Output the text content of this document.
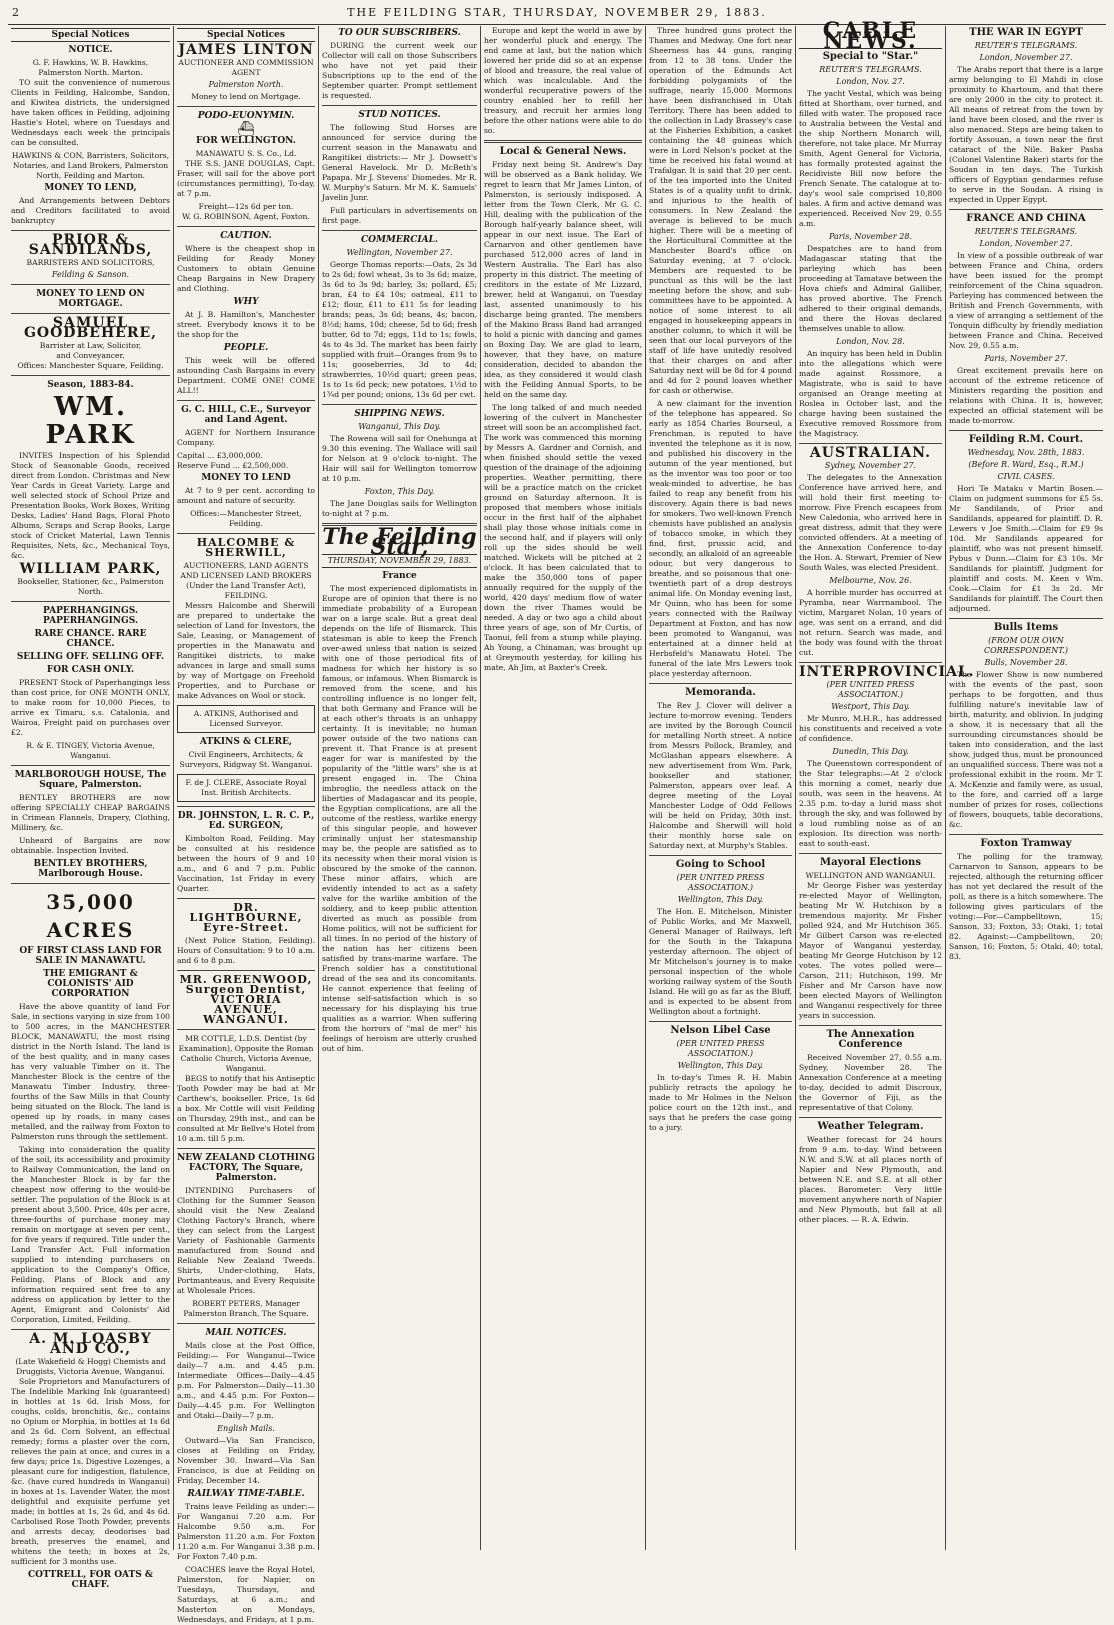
2	THE FEILDING STAR, THURSDAY, NOVEMBER 29, 1883.
Special Notices
NOTICE.
G. F. Hawkins, W. B. Hawkins, Palmerston North. Marton.

TO suit the convenience of numerous Clients in Feilding, Halcombe, Sandon, and Kiwitea districts, the undersigned have taken offices in Feilding, adjoining Hastie's Hotel, where on Tuesdays and Wednesdays each week the principals can be consulted.

HAWKINS & CON, Barristers, Solicitors, Notaries, and Land Brokers, Palmerston North, Feilding and Marton.
MONEY TO LEND,

And Arrangements between Debtors and Creditors facilitated to avoid bankruptcy

PRIOR & SANDILANDS,
BARRISTERS AND SOLICITORS,
Feilding & Sanson.
MONEY TO LEND ON MORTGAGE.
SAMUEL GOODBEHERE,
Barrister at Law, Solicitor,
and Conveyancer,
Offices: Manchester Square, Feilding.
Season, 1883-84.
WM. PARK

INVITES Inspection of his Splendid Stock of Seasonable Goods, received direct from London. Christmas and New Year Cards in Great Variety. Large and well selected stock of School Prize and Presentation Books, Work Boxes, Writing Desks, Ladies' Hand Bags, Floral Photo Albums, Scraps and Scrap Books, Large stock of Cricket Material, Lawn Tennis Requisites, Nets, &c., Mechanical Toys, &c.

WILLIAM PARK,
Bookseller, Stationer, &c., Palmerston North.
PAPERHANGINGS. PAPERHANGINGS.
RARE CHANCE. RARE CHANCE.
SELLING OFF. SELLING OFF.
FOR CASH ONLY.

PRESENT Stock of Paperhangings less than cost price, for ONE MONTH ONLY, to make room for 10,000 Pieces, to arrive ex Timaru, s.s. Catalonia, and Wairoa, Freight paid on purchases over £2.

R. & E. TINGEY, Victoria Avenue, Wanganui.
MARLBOROUGH HOUSE, The Square, Palmerston.

BENTLEY BROTHERS are now offering SPECIALLY CHEAP BARGAINS in Crimean Flannels, Drapery, Clothing, Millinery, &c.

Unheard of Bargains are now obtainable. Inspection Invited.

BENTLEY BROTHERS, Marlborough House.
35,000 ACRES
OF FIRST CLASS LAND FOR SALE IN MANAWATU.
THE EMIGRANT & COLONISTS' AID CORPORATION

Have the above quantity of land For Sale, in sections varying in size from 100 to 500 acres, in the MANCHESTER BLOCK, MANAWATU, the most rising district in the North Island. The land is of the best quality, and in many cases has very valuable Timber on it. The Manchester Block is the centre of the Manawatu Timber Industry, three-fourths of the Saw Mills in that County being situated on the Block. The land is opened up by roads, in many cases metalled, and the railway from Foxton to Palmerston runs through the settlement.

Taking into consideration the quality of the soil, its accessibility and proximity to Railway Communication, the land on the Manchester Block is by far the cheapest now offering to the would-be settler. The population of the Block is at present about 3,500. Price, 40s per acre, three-fourths of purchase money may remain on mortgage at seven per cent., for five years if required. Title under the Land Transfer Act. Full information supplied to intending purchasers on application to the Company's Office, Feilding. Plans of Block and any information required sent free to any address on application by letter to the Agent, Emigrant and Colonists' Aid Corporation, Limited, Feilding.

A. M. LOASBY AND CO.,
(Late Wakefield & Hogg) Chemists and Druggists, Victoria Avenue, Wanganui.

Sole Proprietors and Manufacturers of The Indelible Marking Ink (guaranteed) in bottles at 1s 6d. Irish Moss, for coughs, colds, bronchitis, &c., contains no Opium or Morphia, in bottles at 1s 6d and 2s 6d. Corn Solvent, an effectual remedy; forms a plaster over the corn, relieves the pain at once, and cures in a few days; price 1s. Digestive Lozenges, a pleasant cure for indigestion, flatulence, &c. (have cured hundreds in Wanganui) in boxes at 1s. Lavender Water, the most delightful and exquisite perfume yet made; in bottles at 1s, 2s 6d, and 4s 6d. Carbolised Rose Tooth Powder, prevents and arrests decay, deodorises bad breath, preserves the enamel, and whitens the teeth; in boxes at 2s, sufficient for 3 months use.

COTTRELL, FOR OATS & CHAFF.
Special Notices
JAMES LINTON
AUCTIONEER AND COMMISSION AGENT
Palmerston North.
Money to lend on Mortgage.
PODO-EUONYMIN.
⛴
FOR WELLINGTON.
MANAWATU S. S. Co., Ld.

THE S.S. JANE DOUGLAS, Capt. Fraser, will sail for the above port (circumstances permitting), To-day, at 7 p.m.

Freight—12s 6d per ton.
W. G. ROBINSON, Agent, Foxton.
CAUTION.

Where is the cheapest shop in Feilding for Ready Money Customers to obtain Genuine Cheap Bargains in New Drapery and Clothing.

WHY

At J. B. Hamilton's, Manchester street. Everybody knows it to be the shop for the

PEOPLE.

This week will be offered astounding Cash Bargains in every Department. COME ONE! COME ALL!!

G. C. HILL, C.E., Surveyor and Land Agent.

AGENT for Northern Insurance Company.

Capital ... £3,000,000.
Reserve Fund ... £2,500,000.
MONEY TO LEND

At 7 to 9 per cent. according to amount and nature of security.

Offices:—Manchester Street, Feilding.
HALCOMBE & SHERWILL,
AUCTIONEERS, LAND AGENTS AND LICENSED LAND BROKERS (Under the Land Transfer Act), FEILDING.

Messrs Halcombe and Sherwill are prepared to undertake the selection of Land for Investors, the Sale, Leasing, or Management of properties in the Manawatu and Rangitikei districts, to make advances in large and small sums by way of Mortgage on Freehold Properties, and to Purchase or make Advances on Wool or stock.

A. ATKINS, Authorised and Licensed Surveyor.
ATKINS & CLERE,
Civil Engineers, Architects, & Surveyors, Ridgway St. Wanganui.
F. de J. CLERE, Associate Royal Inst. British Architects.
DR. JOHNSTON, L. R. C. P., Ed. SURGEON,

Kimbolton Road, Feilding. May be consulted at his residence between the hours of 9 and 10 a.m., and 6 and 7 p.m. Public Vaccination, 1st Friday in every Quarter.

DR. LIGHTBOURNE, Eyre-Street.

(Next Police Station, Feilding). Hours of Consultation: 9 to 10 a.m. and 6 to 8 p.m.

MR. GREENWOOD, Surgeon Dentist, VICTORIA AVENUE, WANGANUI.
MR COTTLE, L.D.S. Dentist (by Examination), Opposite the Roman Catholic Church, Victoria Avenue, Wanganui.

BEGS to notify that his Antiseptic Tooth Powder may be had at Mr Carthew's, bookseller. Price, 1s 6d a box. Mr Cottle will visit Feilding on Thursday, 29th inst., and can be consulted at Mr Bellve's Hotel from 10 a.m. till 5 p.m.

NEW ZEALAND CLOTHING FACTORY, The Square, Palmerston.

INTENDING Purchasers of Clothing for the Summer Season should visit the New Zealand Clothing Factory's Branch, where they can select from the Largest Variety of Fashionable Garments manufactured from Sound and Reliable New Zealand Tweeds. Shirts, Under-clothing, Hats, Portmanteaus, and Every Requisite at Wholesale Prices.

ROBERT PETERS, Manager Palmerston Branch, The Square.
MAIL NOTICES.

Mails close at the Post Office, Feilding:— For Wanganui—Twice daily—7 a.m. and 4.45 p.m. Intermediate Offices—Daily—4.45 p.m. For Palmerston—Daily—11.30 a.m., and 4.45 p.m. For Foxton—Daily—4.45 p.m. For Wellington and Otaki—Daily—7 p.m.

English Mails.

Outward—Via San Francisco, closes at Feilding on Friday, November 30. Inward—Via San Francisco, is due at Feilding on Friday, December 14.

RAILWAY TIME-TABLE.

Trains leave Feilding as under:— For Wanganui 7.20 a.m. For Halcombe 9.50 a.m. For Palmerston 11.20 a.m. For Foxton 11.20 a.m. For Wanganui 3.38 p.m. For Foxton 7.40 p.m.

COACHES leave the Royal Hotel, Palmerston, for Napier, on Tuesdays, Thursdays, and Saturdays, at 6 a.m.; and Masterton on Mondays, Wednesdays, and Fridays, at 1 p.m.

TO OUR SUBSCRIBERS.

DURING the current week our Collector will call on those Subscribers who have not yet paid their Subscriptions up to the end of the September quarter. Prompt settlement is requested.

STUD NOTICES.

The following Stud Horses are announced for service during the current season in the Manawatu and Rangitikei districts:— Mr J. Dowsett's General Havelock. Mr D. McBeth's Papapa. Mr J. Stevens' Diomedes. Mr R. W. Murphy's Saturn. Mr M. K. Samuels' Javelin Junr.

Full particulars in advertisements on first page.

COMMERCIAL.
Wellington, November 27.

George Thomas reports:—Oats, 2s 3d to 2s 6d; fowl wheat, 3s to 3s 6d; maize, 3s 6d to 3s 9d; barley, 3s; pollard, £5; bran, £4 to £4 10s; oatmeal, £11 to £12; flour, £11 to £11 5s for leading brands; peas, 3s 6d; beans, 4s; bacon, 8½d; hams, 10d; cheese, 5d to 6d; fresh butter, 6d to 7d; eggs, 11d to 1s; fowls, 4s to 4s 3d. The market has been fairly supplied with fruit—Oranges from 9s to 11s; gooseberries, 3d to 4d; strawberries, 10½d quart; green peas, 1s to 1s 6d peck; new potatoes, 1½d to 1¾d per pound; onions, 13s 6d per cwt.

SHIPPING NEWS.
Wanganui, This Day.

The Rowena will sail for Onehunga at 9.30 this evening. The Wallace will sail for Nelson at 9 o'clock to-night. The Hair will sail for Wellington tomorrow at 10 p.m.

Foxton, This Day.

The Jane Douglas sails for Wellington to-night at 7 p.m.

The Feilding Star,
THURSDAY, NOVEMBER 29, 1883.
France

The most experienced diplomatists in Europe are of opinion that there is no immediate probability of a European war on a large scale. But a great deal depends on the life of Bismarck. This statesman is able to keep the French over-awed unless that nation is seized with one of those periodical fits of madness for which her history is so famous, or infamous. When Bismarck is removed from the scene, and his controlling influence is no longer felt, that both Germany and France will be at each other's throats is an unhappy certainty. It is inevitable; no human power outside of the two nations can prevent it. That France is at present eager for war is manifested by the popularity of the "little wars" she is at present engaged in. The China imbroglio, the needless attack on the liberties of Madagascar and its people, the Egyptian complications, are all the outcome of the restless, warlike energy of this singular people, and however criminally unjust her statesmanship may be, the people are satisfied as to its necessity when their moral vision is obscured by the smoke of the cannon. These minor affairs, which are evidently intended to act as a safety valve for the warlike ambition of the soldiery, and to keep public attention diverted as much as possible from Home politics, will not be sufficient for all times. In no period of the history of the nation has her citizens been satisfied by trans-marine warfare. The French soldier has a constitutional dread of the sea and its concomitants. He cannot experience that feeling of intense self-satisfaction which is so necessary for his displaying his true qualities as a warrior. When suffering from the horrors of "mal de mer" his feelings of heroism are utterly crushed out of him.

Europe and kept the world in awe by her wonderful pluck and energy. The end came at last, but the nation which lowered her pride did so at an expense of blood and treasure, the real value of which was incalculable. And the wonderful recuperative powers of the country enabled her to refill her treasury, and recruit her armies long before the other nations were able to do so.

Local & General News.

Friday next being St. Andrew's Day will be observed as a Bank holiday. We regret to learn that Mr James Linton, of Palmerston, is seriously indisposed. A letter from the Town Clerk, Mr G. C. Hill, dealing with the publication of the Borough half-yearly balance sheet, will appear in our next issue. The Earl of Carnarvon and other gentlemen have purchased 512,000 acres of land in Western Australia. The Earl has also property in this district. The meeting of creditors in the estate of Mr Lizzard, brewer, held at Wanganui, on Tuesday last, assented unanimously to his discharge being granted. The members of the Makino Brass Band had arranged to hold a picnic with dancing and games on Boxing Day. We are glad to learn, however, that they have, on mature consideration, decided to abandon the idea, as they considered it would clash with the Feilding Annual Sports, to be held on the same day.

The long talked of and much needed lowering of the culvert in Manchester street will soon be an accomplished fact. The work was commenced this morning by Messrs A. Gardner and Cornish, and when finished should settle the vexed question of the drainage of the adjoining properties. Weather permitting, there will be a practice match on the cricket ground on Saturday afternoon. It is proposed that members whose initials occur in the first half of the alphabet shall play those whose initials come in the second half, and if players will only roll up the sides should be well matched. Wickets will be pitched at 2 o'clock. It has been calculated that to make the 350,000 tons of paper annually required for the supply of the world, 420 days' medium flow of water down the river Thames would be needed. A day or two ago a child about three years of age, son of Mr Curtis, of Taonui, fell from a stump while playing. Ah Young, a Chinaman, was brought up at Greymouth yesterday, for killing his mate, Ah Jim, at Baxter's Creek.

Three hundred guns protect the Thames and Medway. One fort near Sheerness has 44 guns, ranging from 12 to 38 tons. Under the operation of the Edmunds Act forbidding polygamists of the suffrage, nearly 15,000 Mormons have been disfranchised in Utah Territory. There has been added to the collection in Lady Brassey's case at the Fisheries Exhibition, a casket containing the 48 guineas which were in Lord Nelson's pocket at the time he received his fatal wound at Trafalgar. It is said that 20 per cent. of the tea imported into the United States is of a quality unfit to drink, and injurious to the health of consumers. In New Zealand the average is believed to be much higher. There will be a meeting of the Horticultural Committee at the Manchester Board's office on Saturday evening, at 7 o'clock. Members are requested to be punctual as this will be the last meeting before the show, and sub-committees have to be appointed. A notice of some interest to all engaged in housekeeping appears in another column, to which it will be seen that our local purveyors of the staff of life have unitedly resolved that their charges on and after Saturday next will be 8d for 4 pound and 4d for 2 pound loaves whether for cash or otherwise.

A new claimant for the invention of the telephone has appeared. So early as 1854 Charles Bourseul, a Frenchman, is reputed to have invented the telephone as it is now, and published his discovery in the autumn of the year mentioned, but as the inventor was too poor or too weak-minded to advertise, he has failed to reap any benefit from his discovery. Again there is bad news for smokers. Two well-known French chemists have published an analysis of tobacco smoke, in which they find, first, prussic acid, and secondly, an alkaloid of an agreeable odour, but very dangerous to breathe, and so poisonous that one-twentieth part of a drop destroys animal life. On Monday evening last, Mr Quinn, who has been for some years connected with the Railway Department at Foxton, and has now been promoted to Wanganui, was entertained at a dinner held at Herbsfeld's Manawatu Hotel. The funeral of the late Mrs Lewers took place yesterday afternoon.

Memoranda.

The Rev J. Clover will deliver a lecture to-morrow evening. Tenders are invited by the Borough Council for metalling North street. A notice from Messrs Pollock, Bramley, and McGlashan appears elsewhere. A new advertisement from Wm. Park, bookseller and stationer, Palmerston, appears over leaf. A degree meeting of the Loyal Manchester Lodge of Odd Fellows will be held on Friday, 30th inst. Halcombe and Sherwill will hold their monthly horse sale on Saturday next, at Murphy's Stables.

Going to School
(PER UNITED PRESS ASSOCIATION.)
Wellington, This Day.

The Hon. E. Mitchelson, Minister of Public Works, and Mr Maxwell, General Manager of Railways, left for the South in the Takapuna yesterday afternoon. The object of Mr Mitchelson's journey is to make personal inspection of the whole working railway system of the South Island. He will go as far as the Bluff, and is expected to be absent from Wellington about a fortnight.

Nelson Libel Case
(PER UNITED PRESS ASSOCIATION.)
Wellington, This Day.

In to-day's Times R. H. Mabin publicly retracts the apology he made to Mr Holmes in the Nelson police court on the 12th inst., and says that he prefers the case going to a jury.

CABLE NEWS.
Special to "Star."
REUTER'S TELEGRAMS.
London, Nov. 27.

The yacht Vestal, which was being fitted at Shortham, over turned, and filled with water. The proposed race to Australia between the Vestal and the ship Northern Monarch will, therefore, not take place. Mr Murray Smith, Agent General for Victoria, has formally protested against the Recidiviste Bill now before the French Senate. The catalogue at to-day's wool sale comprised 10,800 bales. A firm and active demand was experienced. Received Nov 29, 0.55 a.m.

Paris, November 28.

Despatches are to hand from Madagascar stating that the parleying which has been proceeding at Tamatave between the Hova chiefs and Admiral Galliber, has proved abortive. The French adhered to their original demands, and there the Hovas declared themselves unable to allow.

London, Nov. 28.

An inquiry has been held in Dublin into the allegations which were made against Rossmore, a Magistrate, who is said to have organised an Orange meeting at Roslea in October last, and the charge having been sustained the Executive removed Rossmore from the Magistracy.

AUSTRALIAN.
Sydney, November 27.

The delegates to the Annexation Conference have arrived here, and will hold their first meeting to-morrow. Five French escapees from New Caledonia, who arrived here in great distress, admit that they were convicted offenders. At a meeting of the Annexation Conference to-day the Hon. A. Stewart, Premier of New South Wales, was elected President.

Melbourne, Nov. 26.

A horrible murder has occurred at Pyramba, near Warrnambool. The victim, Margaret Nolan, 10 years of age, was sent on a errand, and did not return. Search was made, and the body was found with the throat cut.

INTERPROVINCIAL.
(PER UNITED PRESS ASSOCIATION.)
Westport, This Day.

Mr Munro, M.H.R., has addressed his constituents and received a vote of confidence.

Dunedin, This Day.

The Queenstown correspondent of the Star telegraphs:—At 2 o'clock this morning a comet, nearly due south, was seen in the heavens. At 2.35 p.m. to-day a lurid mass shot through the sky, and was followed by a loud rumbling noise as of an explosion. Its direction was north-east to south-east.

Mayoral Elections
WELLINGTON AND WANGANUI.

Mr George Fisher was yesterday re-elected Mayor of Wellington, beating Mr W. Hutchison by a tremendous majority. Mr Fisher polled 924, and Mr Hutchison 365. Mr Gilbert Carson was re-elected Mayor of Wanganui yesterday, beating Mr George Hutchison by 12 votes. The votes polled were—Carson, 211; Hutchison, 199. Mr Fisher and Mr Carson have now been elected Mayors of Wellington and Wanganui respectively for three years in succession.

The Annexation Conference

Received November 27, 0.55 a.m. Sydney, November 28. The Annexation Conference at a meeting to-day, decided to admit Discroux, the Governor of Fiji, as the representative of that Colony.

Weather Telegram.

Weather forecast for 24 hours from 9 a.m. to-day. Wind between N.W. and S.W. at all places north of Napier and New Plymouth, and between N.E. and S.E. at all other places. Barometer: Very little movement anywhere north of Napier and New Plymouth, but fall at all other places. — R. A. Edwin.

THE WAR IN EGYPT
REUTER'S TELEGRAMS.
London, November 27.

The Arabs report that there is a large army belonging to El Mahdi in close proximity to Khartoum, and that there are only 2000 in the city to protect it. All means of retreat from the town by land have been closed, and the river is also menaced. Steps are being taken to fortify Assouan, a town near the first cataract of the Nile. Baker Pasha (Colonel Valentine Baker) starts for the Soudan in ten days. The Turkish officers of Egyptian gendarmes refuse to serve in the Soudan. A rising is expected in Upper Egypt.

FRANCE AND CHINA
REUTER'S TELEGRAMS.
London, November 27.

In view of a possible outbreak of war between France and China, orders have been issued for the prompt reinforcement of the China squadron. Parleying has commenced between the British and French Governments, with a view of arranging a settlement of the Tonquin difficulty by friendly mediation between France and China. Received Nov. 29, 0.55 a.m.

Paris, November 27.

Great excitement prevails here on account of the extreme reticence of Ministers regarding the position and relations with China. It is, however, expected an official statement will be made to-morrow.

Feilding R.M. Court.
Wednesday, Nov. 28th, 1883.
(Before R. Ward, Esq., R.M.)
CIVIL CASES.

Hori Te Mataku v Martin Bosen.—Claim on judgment summons for £5 5s. Mr Sandilands, of Prior and Sandilands, appeared for plaintiff. D. R. Lewers v Joe Smith.—Claim for £9 9s 10d. Mr Sandilands appeared for plaintiff, who was not present himself. Pybus v Dunn.—Claim for £3 10s. Mr Sandilands for plaintiff. Judgment for plaintiff and costs. M. Keen v Wm. Cook.—Claim for £1 3s 2d. Mr Sandilands for plaintiff. The Court then adjourned.

Bulls Items
(FROM OUR OWN CORRESPONDENT.)
Bulls, November 28.

The Flower Show is now numbered with the events of the past, soon perhaps to be forgotten, and thus fulfilling nature's inevitable law of birth, maturity, and oblivion. In judging a show, it is necessary that all the surrounding circumstances should be taken into consideration, and the last show, judged thus, must be pronounced an unqualified success. There was not a professional exhibit in the room. Mr T. A. McKenzie and family were, as usual, to the fore, and carried off a large number of prizes for roses, collections of flowers, bouquets, table decorations, &c.

Foxton Tramway

The polling for the tramway, Carnarvon to Sanson, appears to be rejected, although the returning officer has not yet declared the result of the poll, as there is a hitch somewhere. The following gives particulars of the voting:—For—Campbelltown, 15; Sanson, 33; Foxton, 33; Otaki, 1; total 82. Against:—Campbelltown, 20; Sanson, 16; Foxton, 5; Otaki, 40; total, 83.
